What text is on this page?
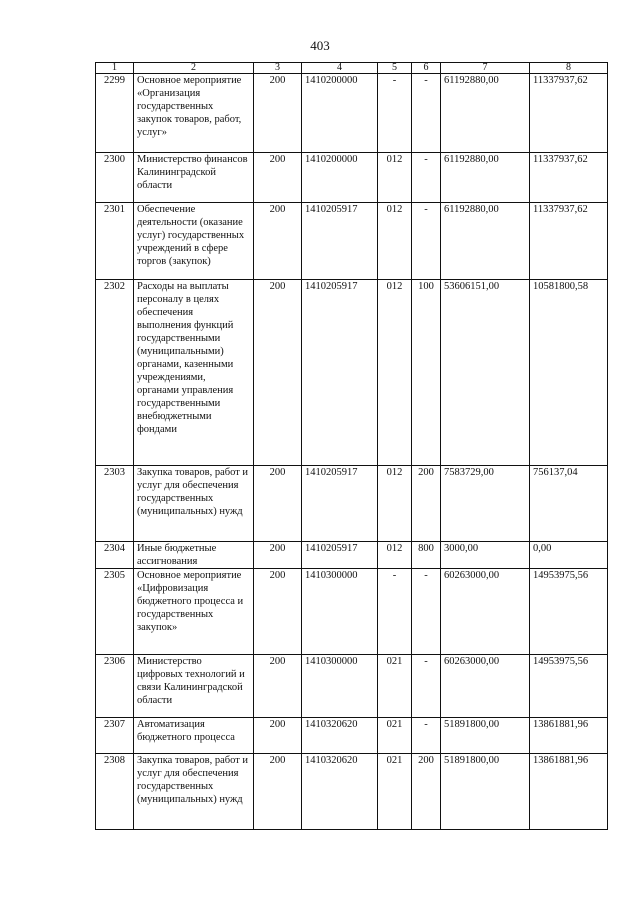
403
1	2	3	4	5	6	7	8
2299	Основное мероприятие «Организация государственных закупок товаров, работ, услуг»	200	1410200000	-	-	61192880,00	11337937,62
2300	Министерство финансов Калининградской области	200	1410200000	012	-	61192880,00	11337937,62
2301	Обеспечение деятельности (оказание услуг) государственных учреждений в сфере торгов (закупок)	200	1410205917	012	-	61192880,00	11337937,62
2302	Расходы на выплаты персоналу в целях обеспечения выполнения функций государственными (муниципальными) органами, казенными учреждениями, органами управления государственными внебюджетными фондами	200	1410205917	012	100	53606151,00	10581800,58
2303	Закупка товаров, работ и услуг для обеспечения государственных (муниципальных) нужд	200	1410205917	012	200	7583729,00	756137,04
2304	Иные бюджетные ассигнования	200	1410205917	012	800	3000,00	0,00
2305	Основное мероприятие «Цифровизация бюджетного процесса и государственных закупок»	200	1410300000	-	-	60263000,00	14953975,56
2306	Министерство цифровых технологий и связи Калининградской области	200	1410300000	021	-	60263000,00	14953975,56
2307	Автоматизация бюджетного процесса	200	1410320620	021	-	51891800,00	13861881,96
2308	Закупка товаров, работ и услуг для обеспечения государственных (муниципальных) нужд	200	1410320620	021	200	51891800,00	13861881,96
